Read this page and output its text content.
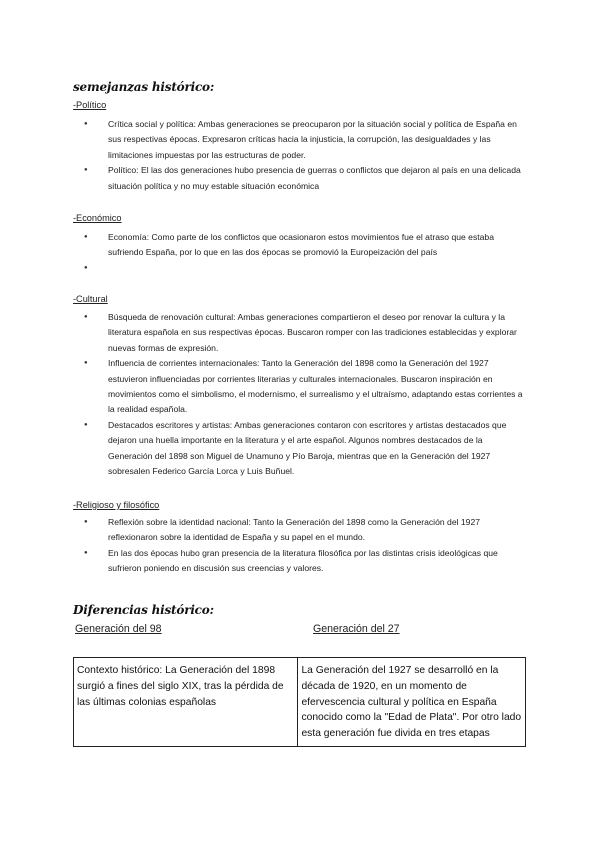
semejanzas histórico:
-Político
● Crítica social y política: Ambas generaciones se preocuparon por la situación social y política de España en sus respectivas épocas. Expresaron críticas hacia la injusticia, la corrupción, las desigualdades y las limitaciones impuestas por las estructuras de poder.
● Político: El las dos generaciones hubo presencia de guerras o conflictos que dejaron al país en una delicada situación política y no muy estable situación económica
-Económico
● Economía: Como parte de los conflictos que ocasionaron estos movimientos fue el atraso que estaba sufriendo España, por lo que en las dos épocas se promovió la Europeización del país
●
-Cultural
● Búsqueda de renovación cultural: Ambas generaciones compartieron el deseo por renovar la cultura y la literatura española en sus respectivas épocas. Buscaron romper con las tradiciones establecidas y explorar nuevas formas de expresión.
● Influencia de corrientes internacionales: Tanto la Generación del 1898 como la Generación del 1927 estuvieron influenciadas por corrientes literarias y culturales internacionales. Buscaron inspiración en movimientos como el simbolismo, el modernismo, el surrealismo y el ultraísmo, adaptando estas corrientes a la realidad española.
● Destacados escritores y artistas: Ambas generaciones contaron con escritores y artistas destacados que dejaron una huella importante en la literatura y el arte español. Algunos nombres destacados de la Generación del 1898 son Miguel de Unamuno y Pío Baroja, mientras que en la Generación del 1927 sobresalen Federico García Lorca y Luis Buñuel.
-Religioso y filosófico
● Reflexión sobre la identidad nacional: Tanto la Generación del 1898 como la Generación del 1927 reflexionaron sobre la identidad de España y su papel en el mundo.
● En las dos épocas hubo gran presencia de la literatura filosófica por las distintas crisis ideológicas que sufrieron poniendo en discusión sus creencias y valores.
Diferencias histórico:
Generación del 98	Generación del 27
Contexto histórico: La Generación del 1898 surgió a fines del siglo XIX, tras la pérdida de las últimas colonias españolas	La Generación del 1927 se desarrolló en la década de 1920, en un momento de efervescencia cultural y política en España conocido como la "Edad de Plata". Por otro lado esta generación fue divida en tres etapas
